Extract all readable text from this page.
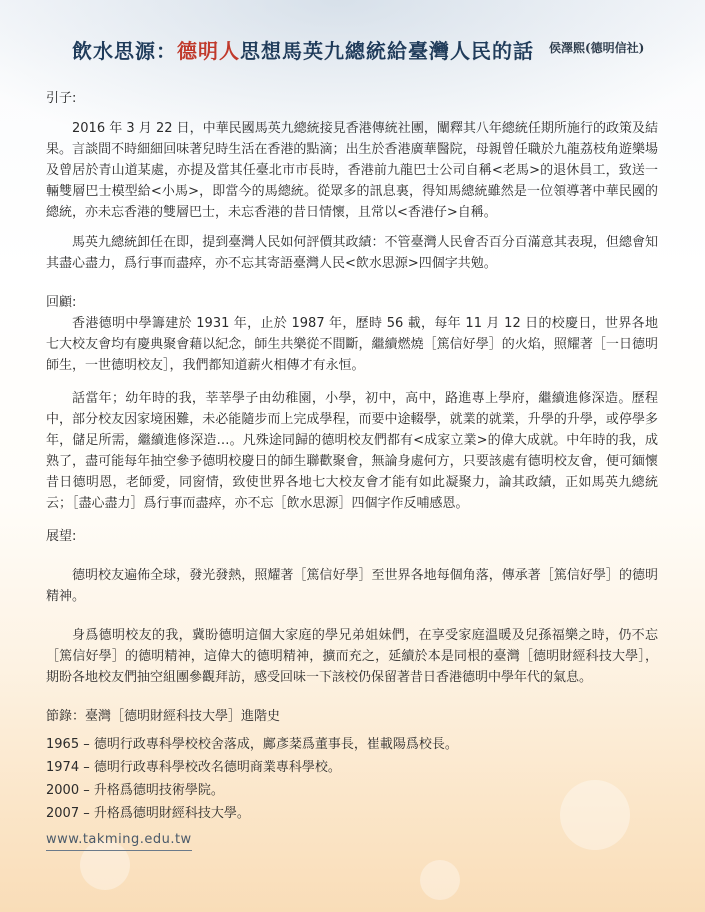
飲水思源：德明人思想馬英九總統給臺灣人民的話 侯澤熙(德明信社)
引子:

2016 年 3 月 22 日，中華民國馬英九總統接見香港傳統社團，闡釋其八年總統任期所施行的政策及結果。言談間不時細細回味著兒時生活在香港的點滴；出生於香港廣華醫院，母親曾任職於九龍荔枝角遊樂場及曾居於青山道某處，亦提及當其任臺北市市長時，香港前九龍巴士公司自稱<老馬>的退休員工，致送一輛雙層巴士模型給<小馬>，即當今的馬總統。從眾多的訊息裏，得知馬總統雖然是一位領導著中華民國的總統，亦未忘香港的雙層巴士，未忘香港的昔日情懷，且常以<香港仔>自稱。

馬英九總統卸任在即，提到臺灣人民如何評價其政績：不管臺灣人民會否百分百滿意其表現，但總會知其盡心盡力，爲行事而盡瘁，亦不忘其寄語臺灣人民<飲水思源>四個字共勉。

回顧:

香港德明中學籌建於 1931 年，止於 1987 年，歷時 56 載，每年 11 月 12 日的校慶日，世界各地七大校友會均有慶典聚會藉以紀念，師生共樂從不間斷，繼續燃燒［篤信好學］的火焰，照耀著［一日德明師生，一世德明校友］，我們都知道薪火相傳才有永恒。

話當年；幼年時的我，莘莘學子由幼稚園，小學，初中，高中，路進專上學府，繼續進修深造。歷程中，部分校友因家境困難，未必能隨步而上完成學程，而要中途輟學，就業的就業，升學的升學，或停學多年，儲足所需，繼續進修深造…。凡殊途同歸的德明校友們都有<成家立業>的偉大成就。中年時的我，成熟了，盡可能每年抽空參予德明校慶日的師生聯歡聚會，無論身處何方，只要該處有德明校友會，便可緬懷昔日德明恩，老師愛，同窗情，致使世界各地七大校友會才能有如此凝聚力，論其政績，正如馬英九總統云；［盡心盡力］爲行事而盡瘁，亦不忘［飲水思源］四個字作反哺感恩。

展望:

德明校友遍佈全球，發光發熱，照耀著［篤信好學］至世界各地每個角落，傳承著［篤信好學］的德明精神。

身爲德明校友的我，冀盼德明這個大家庭的學兄弟姐妹們，在享受家庭溫暖及兒孫福樂之時，仍不忘［篤信好學］的德明精神，這偉大的德明精神，擴而充之，延續於本是同根的臺灣［德明財經科技大學］，期盼各地校友們抽空組團參觀拜訪，感受回味一下該校仍保留著昔日香港德明中學年代的氣息。

節錄：臺灣［德明財經科技大學］進階史
1965 – 德明行政專科學校校舍落成，鄺彥棻爲董事長，崔載陽爲校長。
1974 – 德明行政專科學校改名德明商業專科學校。
2000 – 升格爲德明技術學院。
2007 – 升格爲德明財經科技大學。
www.takming.edu.tw
